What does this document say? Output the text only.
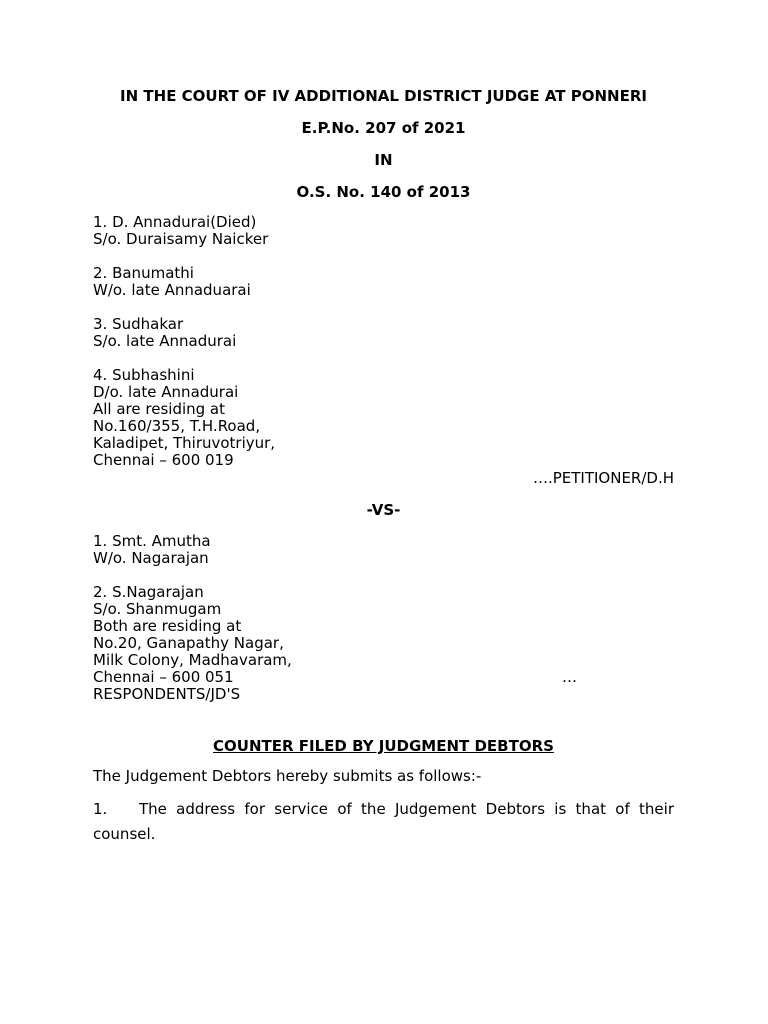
IN THE COURT OF IV ADDITIONAL DISTRICT JUDGE AT PONNERI
E.P.No. 207 of 2021
IN
O.S. No. 140 of 2013
1. D. Annadurai(Died)
S/o. Duraisamy Naicker
2. Banumathi
W/o. late Annaduarai
3. Sudhakar
S/o. late Annadurai
4. Subhashini
D/o. late Annadurai
All are residing at
No.160/355, T.H.Road,
Kaladipet, Thiruvotriyur,
Chennai – 600 019
….PETITIONER/D.H
-VS-
1. Smt. Amutha
W/o. Nagarajan
2. S.Nagarajan
S/o. Shanmugam
Both are residing at
No.20, Ganapathy Nagar,
Milk Colony, Madhavaram,
Chennai – 600 051
RESPONDENTS/JD'S
…
COUNTER FILED BY JUDGMENT DEBTORS
The Judgement Debtors hereby submits as follows:-
1. The address for service of the Judgement Debtors is that of their counsel.
